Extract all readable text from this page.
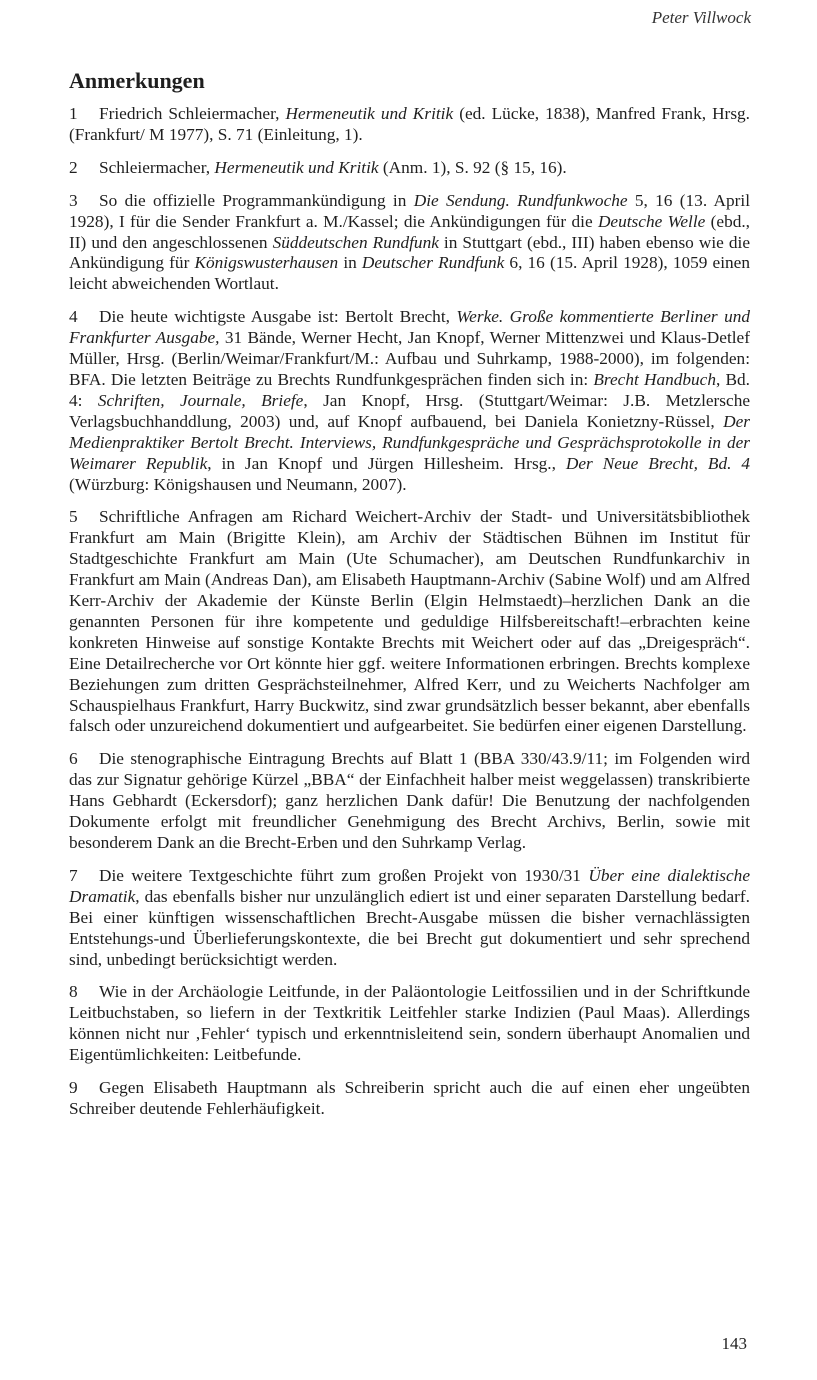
Peter Villwock
Anmerkungen

1 Friedrich Schleiermacher, Hermeneutik und Kritik (ed. Lücke, 1838), Manfred Frank, Hrsg. (Frankfurt/ M 1977), S. 71 (Einleitung, 1).

2 Schleiermacher, Hermeneutik und Kritik (Anm. 1), S. 92 (§ 15, 16).

3 So die offizielle Programmankündigung in Die Sendung. Rundfunkwoche 5, 16 (13. April 1928), I für die Sender Frankfurt a. M./Kassel; die Ankündigungen für die Deutsche Welle (ebd., II) und den angeschlossenen Süddeutschen Rundfunk in Stuttgart (ebd., III) haben ebenso wie die Ankündigung für Königswusterhausen in Deutscher Rundfunk 6, 16 (15. April 1928), 1059 einen leicht abweichenden Wortlaut.

4 Die heute wichtigste Ausgabe ist: Bertolt Brecht, Werke. Große kommentierte Berliner und Frankfurter Ausgabe, 31 Bände, Werner Hecht, Jan Knopf, Werner Mittenzwei und Klaus-Detlef Müller, Hrsg. (Berlin/Weimar/Frankfurt/M.: Aufbau und Suhrkamp, 1988-2000), im folgenden: BFA. Die letzten Beiträge zu Brechts Rundfunkgesprächen finden sich in: Brecht Handbuch, Bd. 4: Schriften, Journale, Briefe, Jan Knopf, Hrsg. (Stuttgart/Weimar: J.B. Metzlersche Verlagsbuchhanddlung, 2003) und, auf Knopf aufbauend, bei Daniela Konietzny-Rüssel, Der Medienpraktiker Bertolt Brecht. Interviews, Rundfunkgespräche und Gesprächsprotokolle in der Weimarer Republik, in Jan Knopf und Jürgen Hillesheim. Hrsg., Der Neue Brecht, Bd. 4 (Würzburg: Königshausen und Neumann, 2007).

5 Schriftliche Anfragen am Richard Weichert-Archiv der Stadt- und Universitätsbibliothek Frankfurt am Main (Brigitte Klein), am Archiv der Städtischen Bühnen im Institut für Stadtgeschichte Frankfurt am Main (Ute Schumacher), am Deutschen Rundfunkarchiv in Frankfurt am Main (Andreas Dan), am Elisabeth Hauptmann-Archiv (Sabine Wolf) und am Alfred Kerr-Archiv der Akademie der Künste Berlin (Elgin Helmstaedt)–herzlichen Dank an die genannten Personen für ihre kompetente und geduldige Hilfsbereitschaft!–erbrachten keine konkreten Hinweise auf sonstige Kontakte Brechts mit Weichert oder auf das „Dreigespräch“. Eine Detailrecherche vor Ort könnte hier ggf. weitere Informationen erbringen. Brechts komplexe Beziehungen zum dritten Gesprächsteilnehmer, Alfred Kerr, und zu Weicherts Nachfolger am Schauspielhaus Frankfurt, Harry Buckwitz, sind zwar grundsätzlich besser bekannt, aber ebenfalls falsch oder unzureichend dokumentiert und aufgearbeitet. Sie bedürfen einer eigenen Darstellung.

6 Die stenographische Eintragung Brechts auf Blatt 1 (BBA 330/43.9/11; im Folgenden wird das zur Signatur gehörige Kürzel „BBA“ der Einfachheit halber meist weggelassen) transkribierte Hans Gebhardt (Eckersdorf); ganz herzlichen Dank dafür! Die Benutzung der nachfolgenden Dokumente erfolgt mit freundlicher Genehmigung des Brecht Archivs, Berlin, sowie mit besonderem Dank an die Brecht-Erben und den Suhrkamp Verlag.

7 Die weitere Textgeschichte führt zum großen Projekt von 1930/31 Über eine dialektische Dramatik, das ebenfalls bisher nur unzulänglich ediert ist und einer separaten Darstellung bedarf. Bei einer künftigen wissenschaftlichen Brecht-Ausgabe müssen die bisher vernachlässigten Entstehungs-und Überlieferungskontexte, die bei Brecht gut dokumentiert und sehr sprechend sind, unbedingt berücksichtigt werden.

8 Wie in der Archäologie Leitfunde, in der Paläontologie Leitfossilien und in der Schriftkunde Leitbuchstaben, so liefern in der Textkritik Leitfehler starke Indizien (Paul Maas). Allerdings können nicht nur ‚Fehler‘ typisch und erkenntnisleitend sein, sondern überhaupt Anomalien und Eigentümlichkeiten: Leitbefunde.

9 Gegen Elisabeth Hauptmann als Schreiberin spricht auch die auf einen eher ungeübten Schreiber deutende Fehlerhäufigkeit.

143
